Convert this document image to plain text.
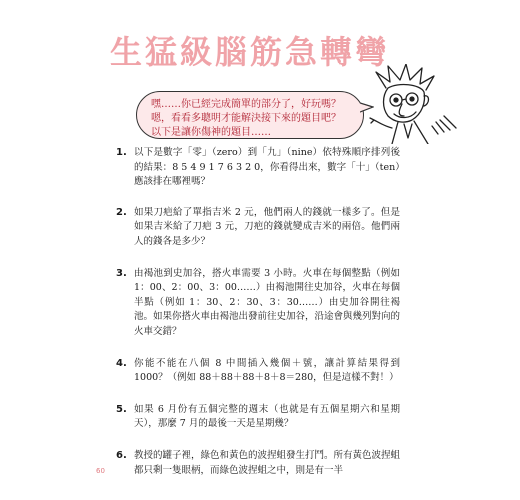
生猛級腦筋急轉彎
嘿……你已經完成簡單的部分了，好玩嗎？嗯，看看多聰明才能解決接下來的題目吧？以下是讓你傷神的題目……
1. 以下是數字「零」（zero）到「九」（nine）依特殊順序排列後的結果：8 5 4 9 1 7 6 3 2 0，你看得出來，數字「十」（ten）應該排在哪裡嗎？
2. 如果刀疤給了單指吉米 2 元，他們兩人的錢就一樣多了。但是如果吉米給了刀疤 3 元，刀疤的錢就變成吉米的兩倍。他們兩人的錢各是多少？
3. 由褐池到史加谷，搭火車需要 3 小時。火車在每個整點（例如 1：00、2：00、3：00……）由褐池開往史加谷，火車在每個半點（例如 1：30、2：30、3：30……）由史加谷開往褐池。如果你搭火車由褐池出發前往史加谷，沿途會與幾列對向的火車交錯？
4. 你能不能在八個 8 中間插入幾個＋號，讓計算結果得到 1000？（例如 88＋88＋88＋8＋8＝280，但是這樣不對！）
5. 如果 6 月份有五個完整的週末（也就是有五個星期六和星期天），那麼 7 月的最後一天是星期幾？
6. 教授的罐子裡，綠色和黃色的波捏蛆發生打鬥。所有黃色波捏蛆都只剩一隻眼柄，而綠色波捏蛆之中，則是有一半
60
